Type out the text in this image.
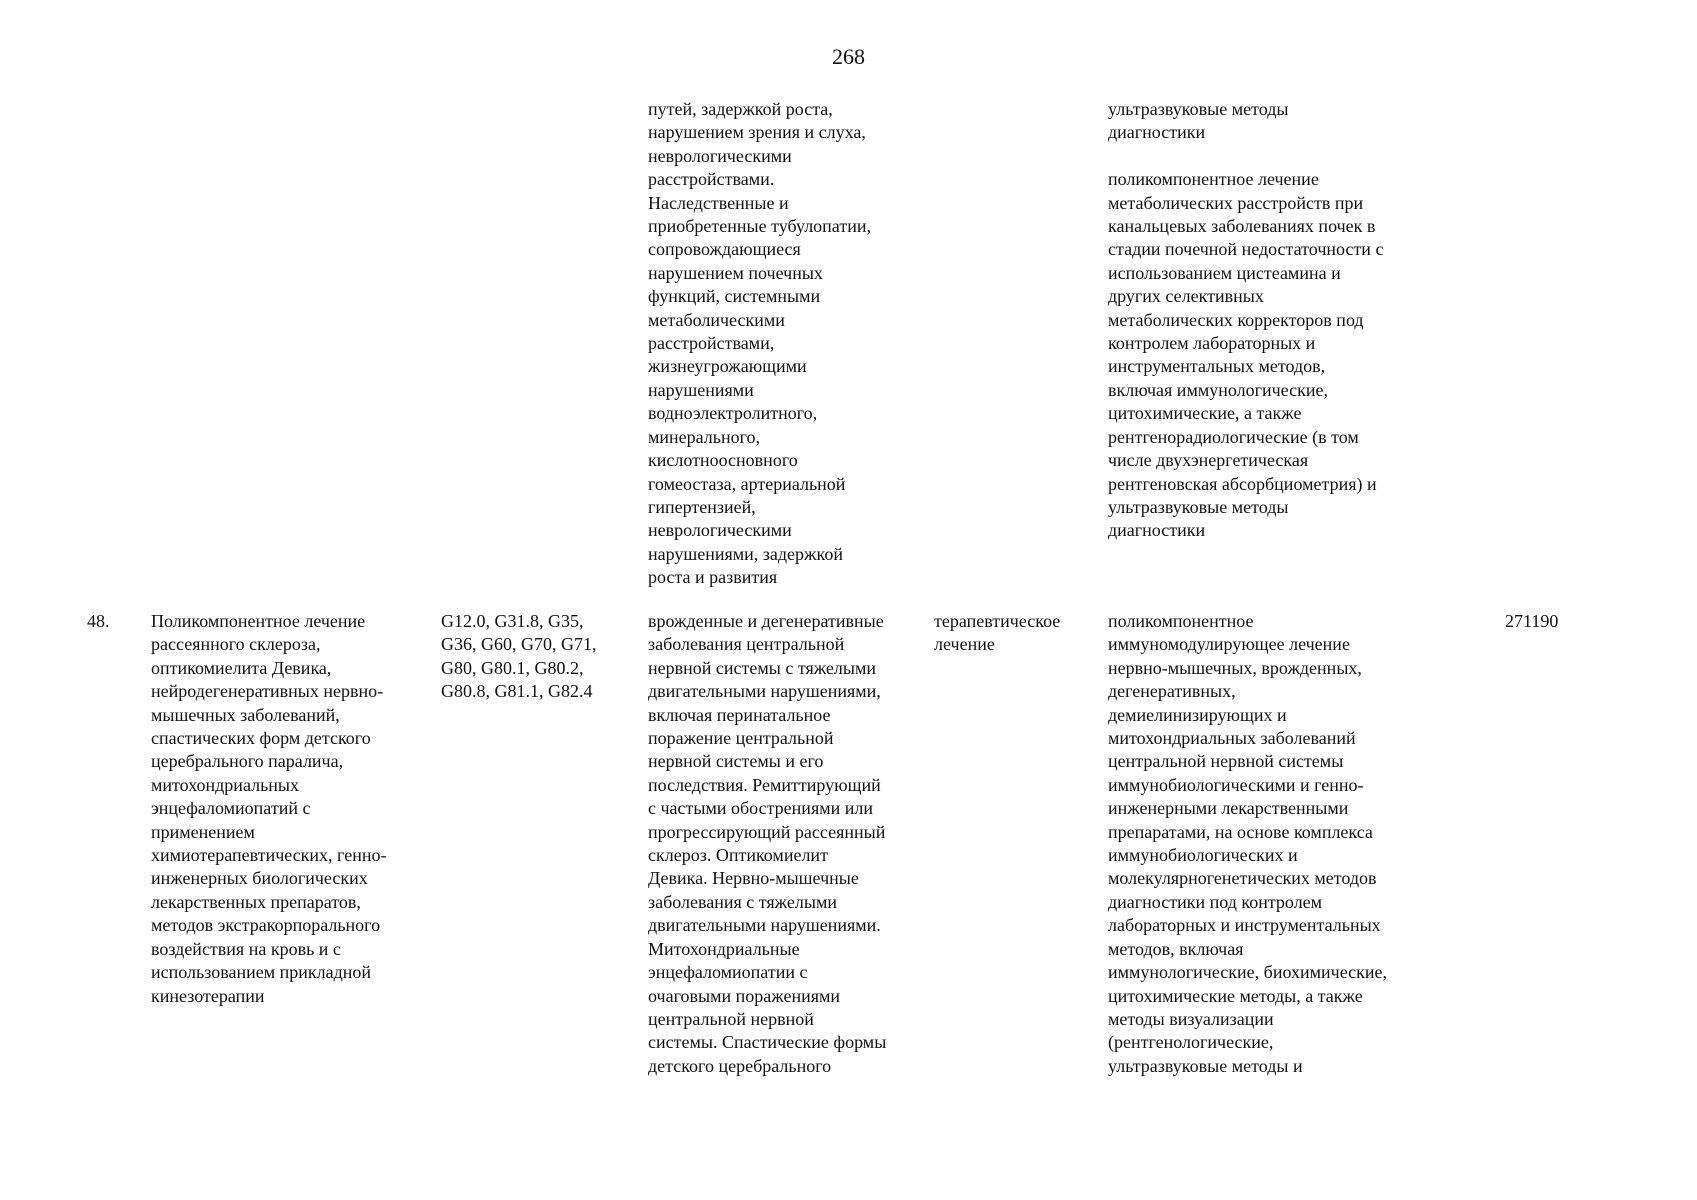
268
путей, задержкой роста,
нарушением зрения и слуха,
неврологическими
расстройствами.
Наследственные и
приобретенные тубулопатии,
сопровождающиеся
нарушением почечных
функций, системными
метаболическими
расстройствами,
жизнеугрожающими
нарушениями
водноэлектролитного,
минерального,
кислотноосновного
гомеостаза, артериальной
гипертензией,
неврологическими
нарушениями, задержкой
роста и развития
ультразвуковые методы
диагностики

поликомпонентное лечение
метаболических расстройств при
канальцевых заболеваниях почек в
стадии почечной недостаточности с
использованием цистеамина и
других селективных
метаболических корректоров под
контролем лабораторных и
инструментальных методов,
включая иммунологические,
цитохимические, а также
рентгенорадиологические (в том
числе двухэнергетическая
рентгеновская абсорбциометрия) и
ультразвуковые методы
диагностики
48.	Поликомпонентное лечение
рассеянного склероза,
оптикомиелита Девика,
нейродегенеративных нервно-
мышечных заболеваний,
спастических форм детского
церебрального паралича,
митохондриальных
энцефаломиопатий с
применением
химиотерапевтических, генно-
инженерных биологических
лекарственных препаратов,
методов экстракорпорального
воздействия на кровь и с
использованием прикладной
кинезотерапии
G12.0, G31.8, G35,
G36, G60, G70, G71,
G80, G80.1, G80.2,
G80.8, G81.1, G82.4
врожденные и дегенеративные
заболевания центральной
нервной системы с тяжелыми
двигательными нарушениями,
включая перинатальное
поражение центральной
нервной системы и его
последствия. Ремиттирующий
с частыми обострениями или
прогрессирующий рассеянный
склероз. Оптикомиелит
Девика. Нервно-мышечные
заболевания с тяжелыми
двигательными нарушениями.
Митохондриальные
энцефаломиопатии с
очаговыми поражениями
центральной нервной
системы. Спастические формы
детского церебрального
терапевтическое
лечение
поликомпонентное
иммуномодулирующее лечение
нервно-мышечных, врожденных,
дегенеративных,
демиелинизирующих и
митохондриальных заболеваний
центральной нервной системы
иммунобиологическими и генно-
инженерными лекарственными
препаратами, на основе комплекса
иммунобиологических и
молекулярногенетических методов
диагностики под контролем
лабораторных и инструментальных
методов, включая
иммунологические, биохимические,
цитохимические методы, а также
методы визуализации
(рентгенологические,
ультразвуковые методы и
271190
